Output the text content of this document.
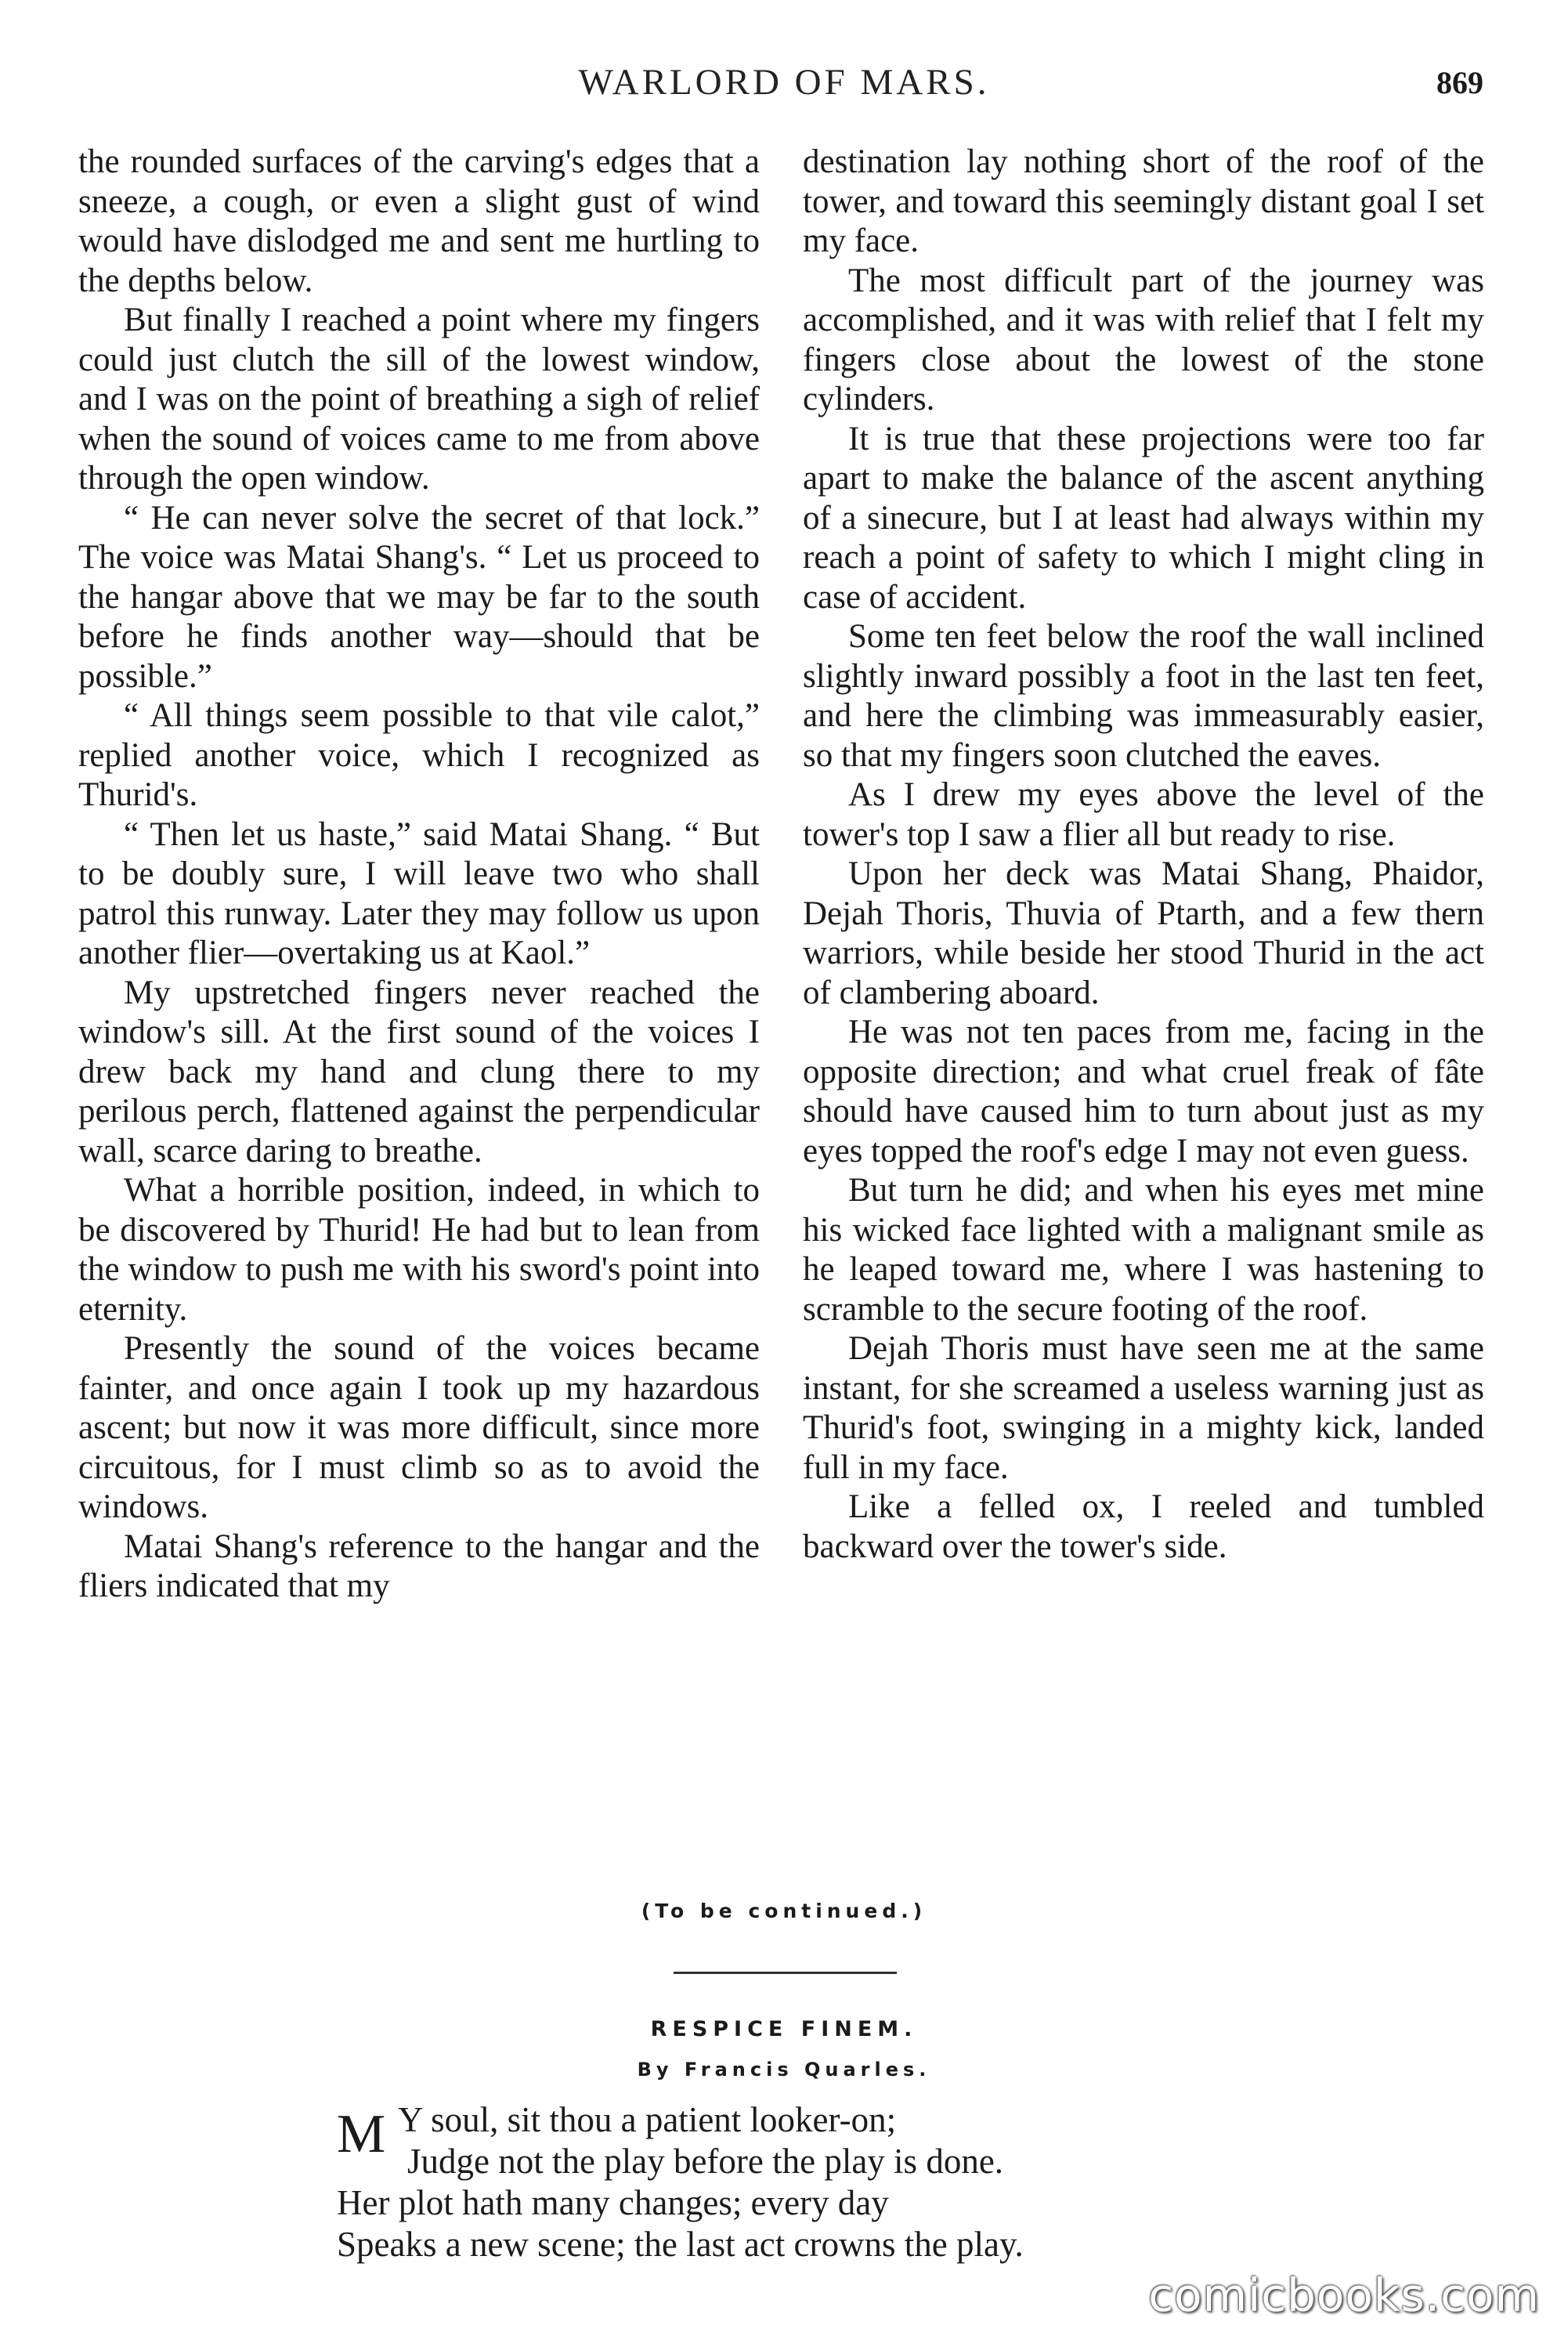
WARLORD OF MARS.	869

the rounded surfaces of the carving's edges that a sneeze, a cough, or even a slight gust of wind would have dislodged me and sent me hurtling to the depths below.

But finally I reached a point where my fingers could just clutch the sill of the lowest window, and I was on the point of breathing a sigh of relief when the sound of voices came to me from above through the open window.

“ He can never solve the secret of that lock.” The voice was Matai Shang's. “ Let us proceed to the hangar above that we may be far to the south before he finds another way—should that be possible.”

“ All things seem possible to that vile calot,” replied another voice, which I recognized as Thurid's.

“ Then let us haste,” said Matai Shang. “ But to be doubly sure, I will leave two who shall patrol this runway. Later they may follow us upon another flier—overtaking us at Kaol.”

My upstretched fingers never reached the window's sill. At the first sound of the voices I drew back my hand and clung there to my perilous perch, flattened against the perpendicular wall, scarce daring to breathe.

What a horrible position, indeed, in which to be discovered by Thurid! He had but to lean from the window to push me with his sword's point into eternity.

Presently the sound of the voices became fainter, and once again I took up my hazardous ascent; but now it was more difficult, since more circuitous, for I must climb so as to avoid the windows.

Matai Shang's reference to the hangar and the fliers indicated that my

destination lay nothing short of the roof of the tower, and toward this seemingly distant goal I set my face.

The most difficult part of the journey was accomplished, and it was with relief that I felt my fingers close about the lowest of the stone cylinders.

It is true that these projections were too far apart to make the balance of the ascent anything of a sinecure, but I at least had always within my reach a point of safety to which I might cling in case of accident.

Some ten feet below the roof the wall inclined slightly inward possibly a foot in the last ten feet, and here the climbing was immeasurably easier, so that my fingers soon clutched the eaves.

As I drew my eyes above the level of the tower's top I saw a flier all but ready to rise.

Upon her deck was Matai Shang, Phaidor, Dejah Thoris, Thuvia of Ptarth, and a few thern warriors, while beside her stood Thurid in the act of clambering aboard.

He was not ten paces from me, facing in the opposite direction; and what cruel freak of fâte should have caused him to turn about just as my eyes topped the roof's edge I may not even guess.

But turn he did; and when his eyes met mine his wicked face lighted with a malignant smile as he leaped toward me, where I was hastening to scramble to the secure footing of the roof.

Dejah Thoris must have seen me at the same instant, for she screamed a useless warning just as Thurid's foot, swinging in a mighty kick, landed full in my face.

Like a felled ox, I reeled and tumbled backward over the tower's side.

(To be continued.)
RESPICE FINEM.
By Francis Quarles.
M Y soul, sit thou a patient looker-on;
Judge not the play before the play is done.
Her plot hath many changes; every day
Speaks a new scene; the last act crowns the play.
comicbooks.com
